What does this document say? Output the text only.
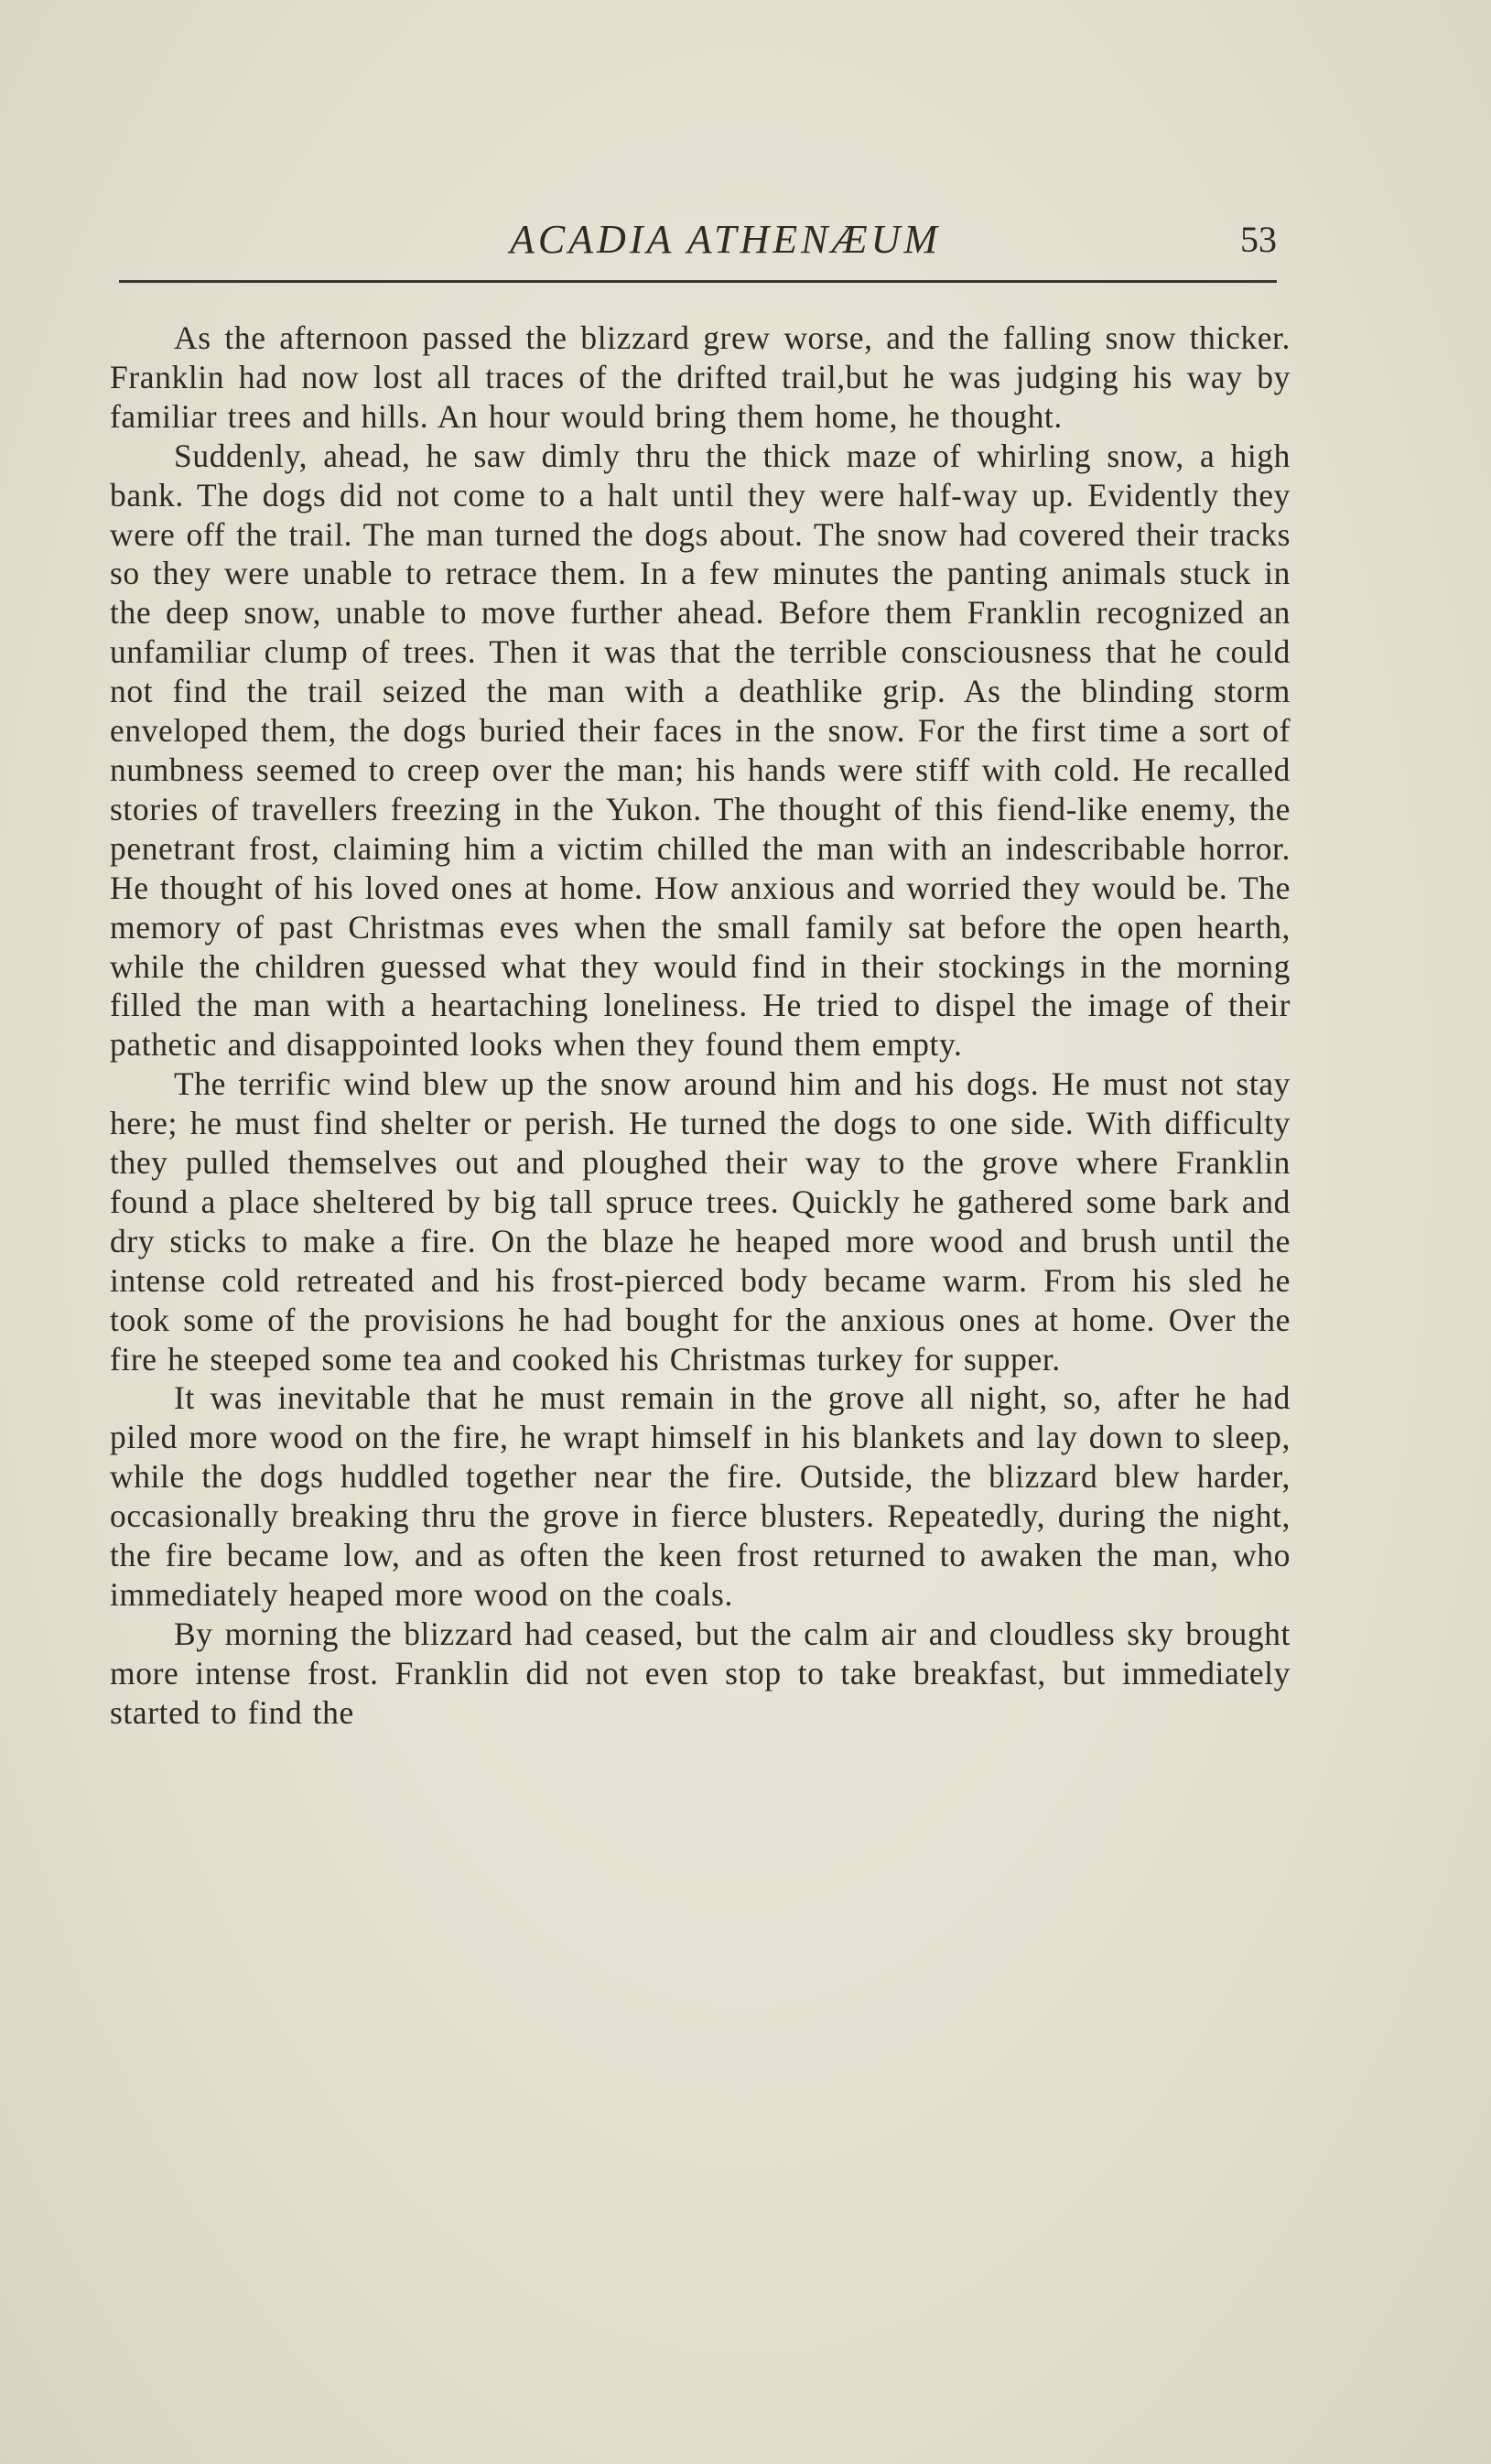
ACADIA ATHENÆUM	53

As the afternoon passed the blizzard grew worse, and the falling snow thicker. Franklin had now lost all traces of the drifted trail,but he was judging his way by familiar trees and hills. An hour would bring them home, he thought.

Suddenly, ahead, he saw dimly thru the thick maze of whirling snow, a high bank. The dogs did not come to a halt until they were half-way up. Evidently they were off the trail. The man turned the dogs about. The snow had covered their tracks so they were unable to retrace them. In a few minutes the panting animals stuck in the deep snow, unable to move further ahead. Before them Franklin recognized an unfamiliar clump of trees. Then it was that the terrible consciousness that he could not find the trail seized the man with a deathlike grip. As the blinding storm enveloped them, the dogs buried their faces in the snow. For the first time a sort of numbness seemed to creep over the man; his hands were stiff with cold. He recalled stories of travellers freezing in the Yukon. The thought of this fiend-like enemy, the penetrant frost, claiming him a victim chilled the man with an indescribable horror. He thought of his loved ones at home. How anxious and worried they would be. The memory of past Christmas eves when the small family sat before the open hearth, while the children guessed what they would find in their stockings in the morning filled the man with a heartaching loneliness. He tried to dispel the image of their pathetic and disappointed looks when they found them empty.

The terrific wind blew up the snow around him and his dogs. He must not stay here; he must find shelter or perish. He turned the dogs to one side. With difficulty they pulled themselves out and ploughed their way to the grove where Franklin found a place sheltered by big tall spruce trees. Quickly he gathered some bark and dry sticks to make a fire. On the blaze he heaped more wood and brush until the intense cold retreated and his frost-pierced body became warm. From his sled he took some of the provisions he had bought for the anxious ones at home. Over the fire he steeped some tea and cooked his Christmas turkey for supper.

It was inevitable that he must remain in the grove all night, so, after he had piled more wood on the fire, he wrapt himself in his blankets and lay down to sleep, while the dogs huddled together near the fire. Outside, the blizzard blew harder, occasionally breaking thru the grove in fierce blusters. Repeatedly, during the night, the fire became low, and as often the keen frost returned to awaken the man, who immediately heaped more wood on the coals.

By morning the blizzard had ceased, but the calm air and cloudless sky brought more intense frost. Franklin did not even stop to take breakfast, but immediately started to find the
